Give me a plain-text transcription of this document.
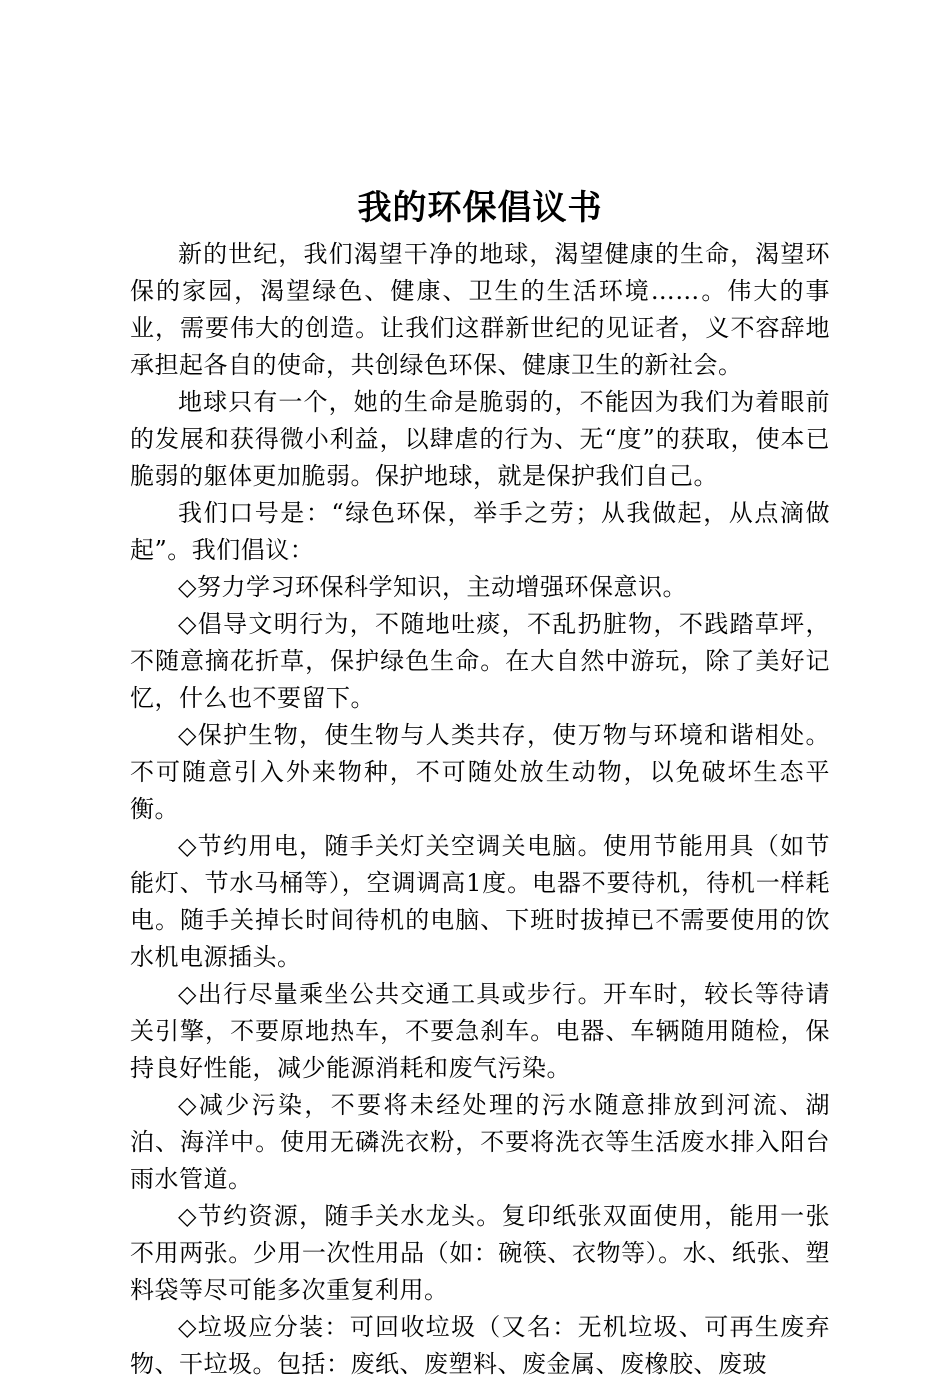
我的环保倡议书

新的世纪，我们渴望干净的地球，渴望健康的生命，渴望环保的家园，渴望绿色、健康、卫生的生活环境……。伟大的事业，需要伟大的创造。让我们这群新世纪的见证者，义不容辞地承担起各自的使命，共创绿色环保、健康卫生的新社会。

地球只有一个，她的生命是脆弱的，不能因为我们为着眼前的发展和获得微小利益，以肆虐的行为、无“度”的获取，使本已脆弱的躯体更加脆弱。保护地球，就是保护我们自己。

我们口号是：“绿色环保，举手之劳；从我做起，从点滴做起”。我们倡议：

◇努力学习环保科学知识，主动增强环保意识。

◇倡导文明行为，不随地吐痰，不乱扔脏物，不践踏草坪，不随意摘花折草，保护绿色生命。在大自然中游玩，除了美好记忆，什么也不要留下。

◇保护生物，使生物与人类共存，使万物与环境和谐相处。不可随意引入外来物种，不可随处放生动物，以免破坏生态平衡。

◇节约用电，随手关灯关空调关电脑。使用节能用具（如节能灯、节水马桶等），空调调高1度。电器不要待机，待机一样耗电。随手关掉长时间待机的电脑、下班时拔掉已不需要使用的饮水机电源插头。

◇出行尽量乘坐公共交通工具或步行。开车时，较长等待请关引擎，不要原地热车，不要急刹车。电器、车辆随用随检，保持良好性能，减少能源消耗和废气污染。

◇减少污染，不要将未经处理的污水随意排放到河流、湖泊、海洋中。使用无磷洗衣粉，不要将洗衣等生活废水排入阳台雨水管道。

◇节约资源，随手关水龙头。复印纸张双面使用，能用一张不用两张。少用一次性用品（如：碗筷、衣物等）。水、纸张、塑料袋等尽可能多次重复利用。

◇垃圾应分装：可回收垃圾（又名：无机垃圾、可再生废弃物、干垃圾。包括：废纸、废塑料、废金属、废橡胶、废玻
